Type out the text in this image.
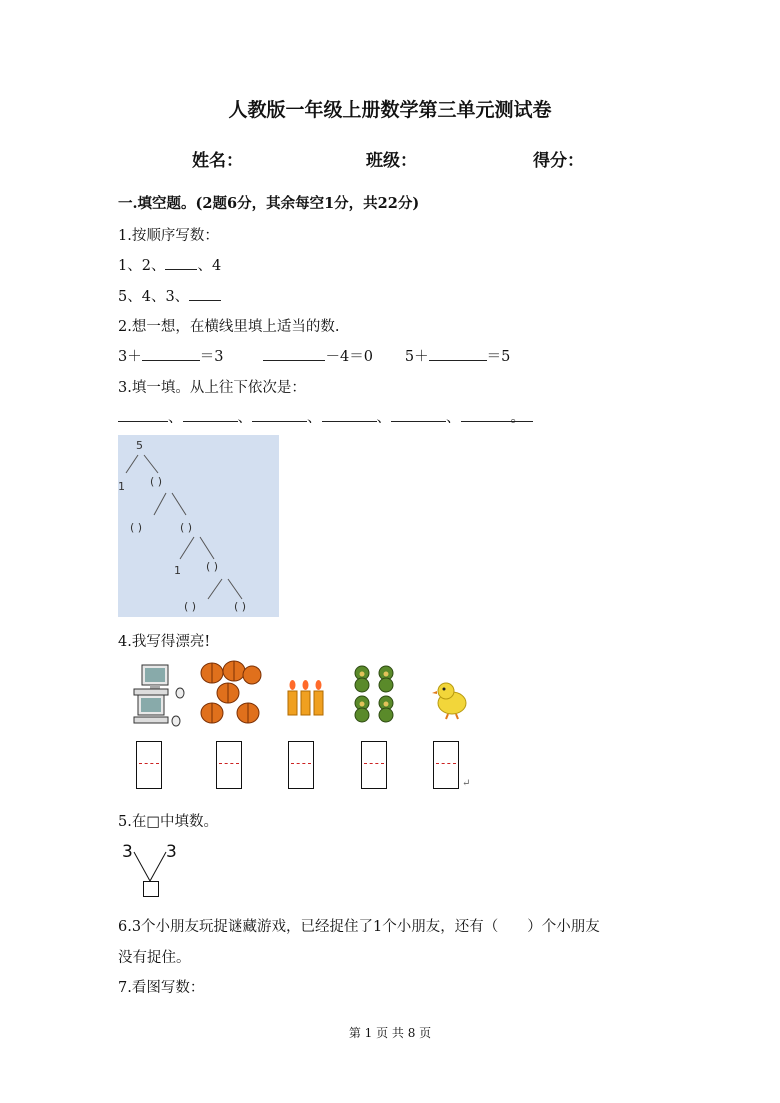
人教版一年级上册数学第三单元测试卷
姓名：	班级：	得分：
一.填空题。(2题6分，其余每空1分，共22分)
1.按顺序写数：
1、2、 、4
5、4、3、
2.想一想，在横线里填上适当的数.
3＋	＝3	－4＝0 5＋	＝5
3.填一填。从上往下依次是：
、	、	、	、	、	。
5
1 ( )
( )	( )
1 ( )
( )	( )
4.我写得漂亮!
↵
5.在□中填数。
3 3
6.3个小朋友玩捉谜藏游戏，已经捉住了1个小朋友，还有（　　）个小朋友
没有捉住。
7.看图写数：
第 1 页 共 8 页
